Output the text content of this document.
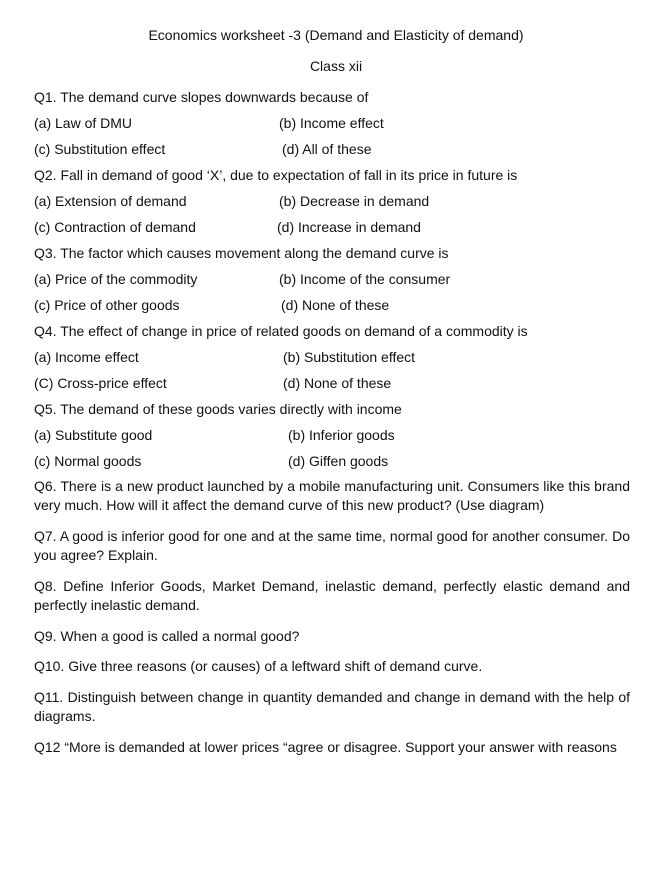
Economics worksheet -3 (Demand and Elasticity of demand)
Class xii
Q1. The demand curve slopes downwards because of
(a) Law of DMU	(b) Income effect
(c) Substitution effect	(d) All of these
Q2. Fall in demand of good ‘X’, due to expectation of fall in its price in future is
(a) Extension of demand	(b) Decrease in demand
(c) Contraction of demand	(d) Increase in demand
Q3. The factor which causes movement along the demand curve is
(a) Price of the commodity	(b) Income of the consumer
(c) Price of other goods	(d) None of these
Q4. The effect of change in price of related goods on demand of a commodity is
(a) Income effect	(b) Substitution effect
(C) Cross-price effect	(d) None of these
Q5. The demand of these goods varies directly with income
(a) Substitute good	(b) Inferior goods
(c) Normal goods	(d) Giffen goods
Q6. There is a new product launched by a mobile manufacturing unit. Consumers like this brand very much. How will it affect the demand curve of this new product? (Use diagram)
Q7. A good is inferior good for one and at the same time, normal good for another consumer. Do you agree? Explain.
Q8. Define Inferior Goods, Market Demand, inelastic demand, perfectly elastic demand and perfectly inelastic demand.
Q9. When a good is called a normal good?
Q10. Give three reasons (or causes) of a leftward shift of demand curve.
Q11. Distinguish between change in quantity demanded and change in demand with the help of diagrams.
Q12 “More is demanded at lower prices “agree or disagree. Support your answer with reasons
